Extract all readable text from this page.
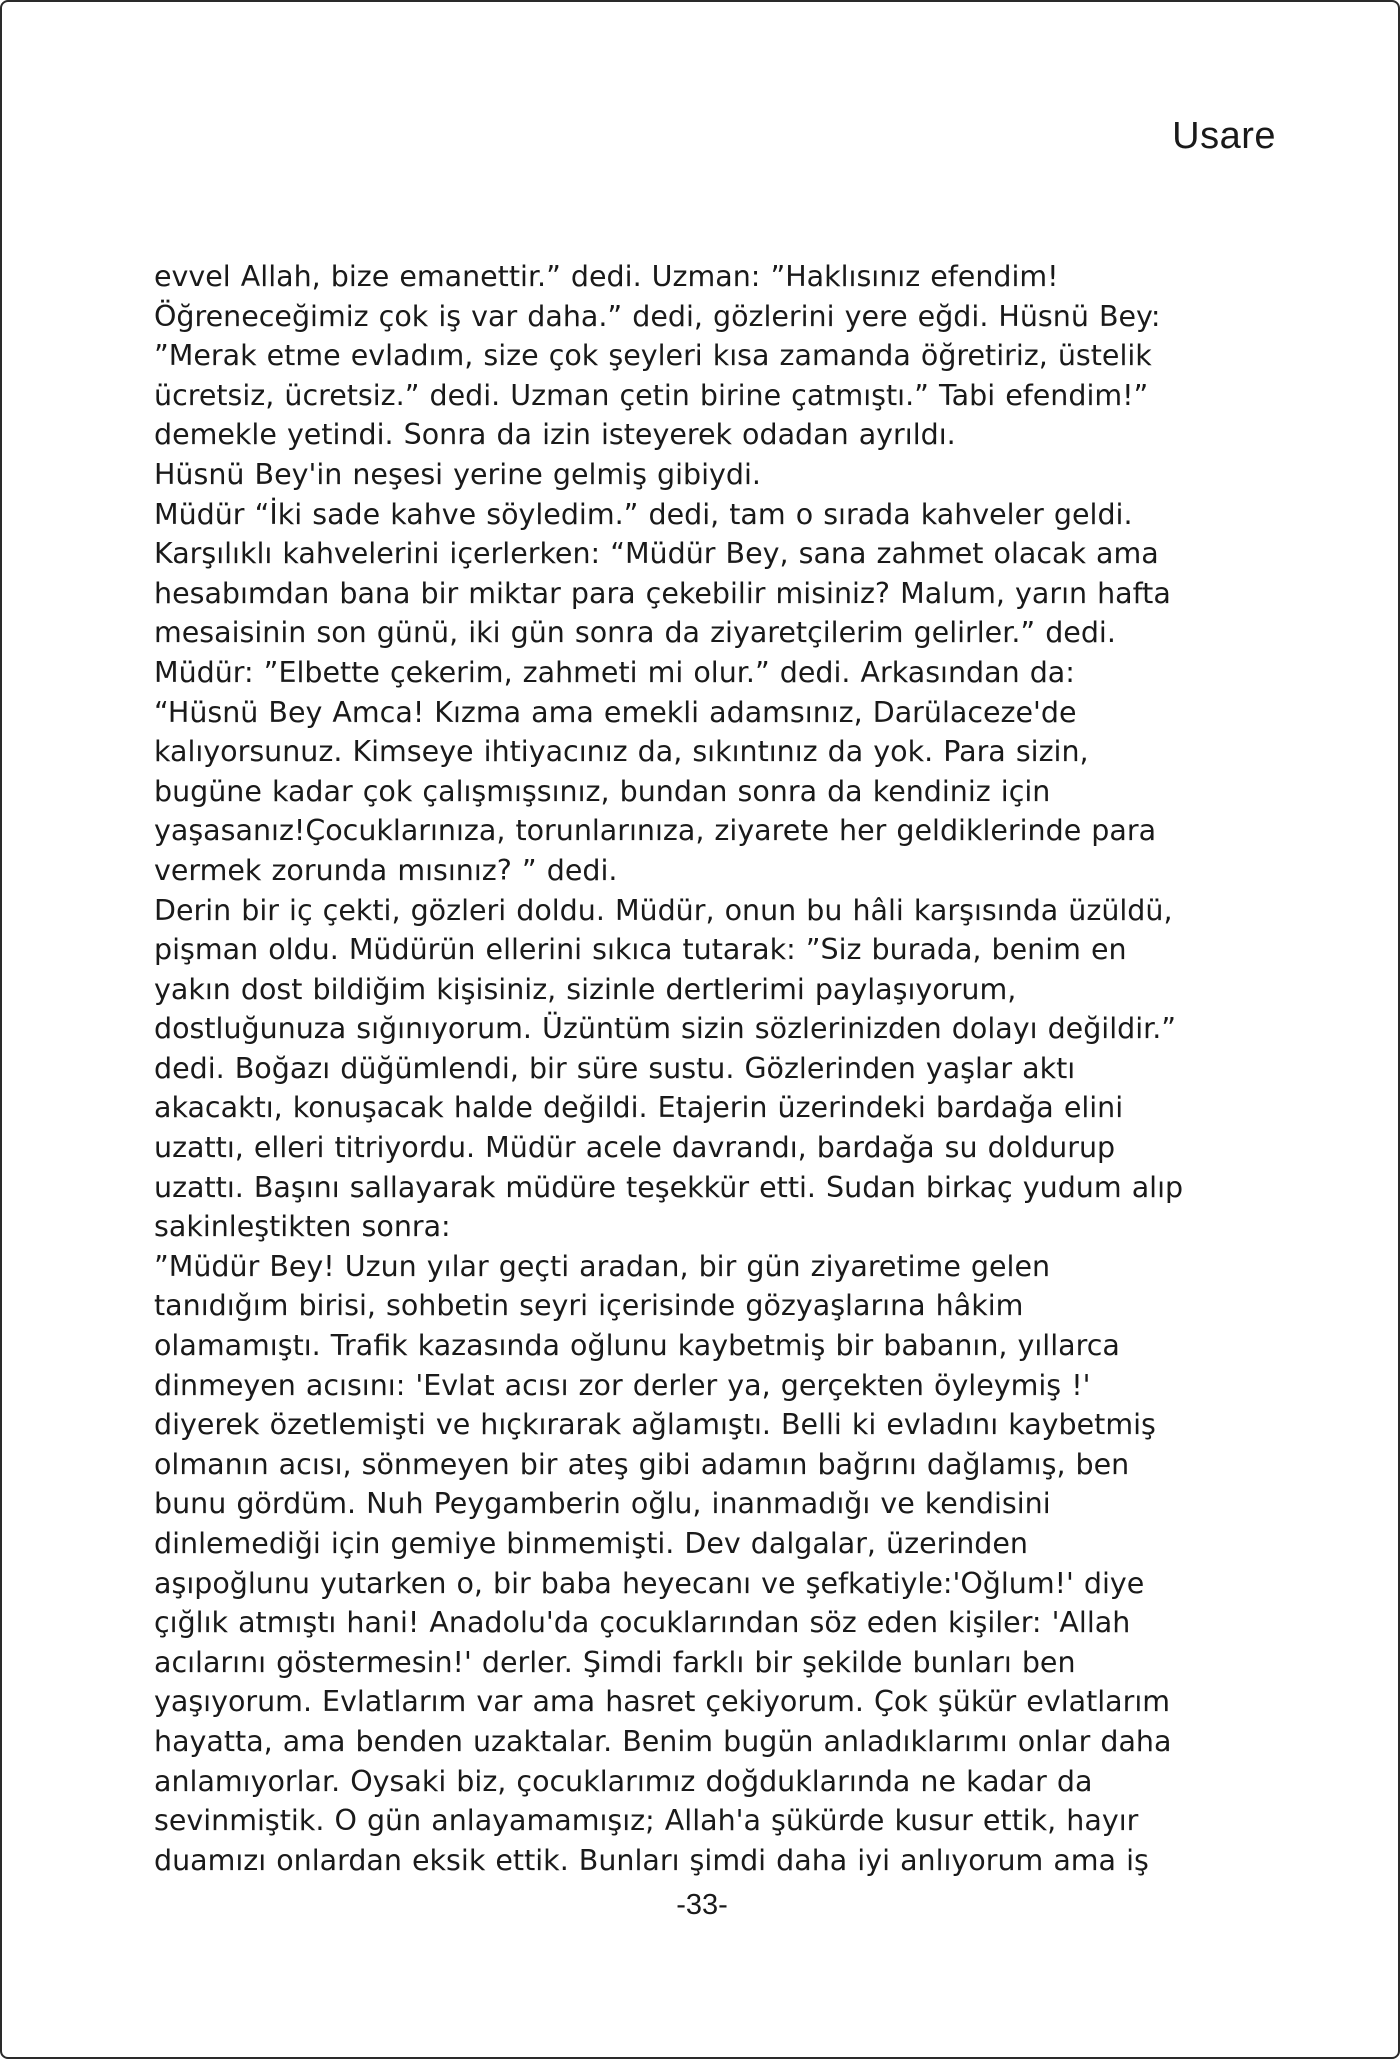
Usare
evvel Allah, bize emanettir.” dedi. Uzman: ”Haklısınız efendim!
Öğreneceğimiz çok iş var daha.” dedi, gözlerini yere eğdi. Hüsnü Bey:
”Merak etme evladım, size çok şeyleri kısa zamanda öğretiriz, üstelik
ücretsiz, ücretsiz.” dedi. Uzman çetin birine çatmıştı.” Tabi efendim!”
demekle yetindi. Sonra da izin isteyerek odadan ayrıldı.
Hüsnü Bey'in neşesi yerine gelmiş gibiydi.
Müdür “İki sade kahve söyledim.” dedi, tam o sırada kahveler geldi.
Karşılıklı kahvelerini içerlerken: “Müdür Bey, sana zahmet olacak ama
hesabımdan bana bir miktar para çekebilir misiniz? Malum, yarın hafta
mesaisinin son günü, iki gün sonra da ziyaretçilerim gelirler.” dedi.
Müdür: ”Elbette çekerim, zahmeti mi olur.” dedi. Arkasından da:
“Hüsnü Bey Amca! Kızma ama emekli adamsınız, Darülaceze'de
kalıyorsunuz. Kimseye ihtiyacınız da, sıkıntınız da yok. Para sizin,
bugüne kadar çok çalışmışsınız, bundan sonra da kendiniz için
yaşasanız!Çocuklarınıza, torunlarınıza, ziyarete her geldiklerinde para
vermek zorunda mısınız? ” dedi.
Derin bir iç çekti, gözleri doldu. Müdür, onun bu hâli karşısında üzüldü,
pişman oldu. Müdürün ellerini sıkıca tutarak: ”Siz burada, benim en
yakın dost bildiğim kişisiniz, sizinle dertlerimi paylaşıyorum,
dostluğunuza sığınıyorum. Üzüntüm sizin sözlerinizden dolayı değildir.”
dedi. Boğazı düğümlendi, bir süre sustu. Gözlerinden yaşlar aktı
akacaktı, konuşacak halde değildi. Etajerin üzerindeki bardağa elini
uzattı, elleri titriyordu. Müdür acele davrandı, bardağa su doldurup
uzattı. Başını sallayarak müdüre teşekkür etti. Sudan birkaç yudum alıp
sakinleştikten sonra:
”Müdür Bey! Uzun yılar geçti aradan, bir gün ziyaretime gelen
tanıdığım birisi, sohbetin seyri içerisinde gözyaşlarına hâkim
olamamıştı. Trafik kazasında oğlunu kaybetmiş bir babanın, yıllarca
dinmeyen acısını: 'Evlat acısı zor derler ya, gerçekten öyleymiş !'
diyerek özetlemişti ve hıçkırarak ağlamıştı. Belli ki evladını kaybetmiş
olmanın acısı, sönmeyen bir ateş gibi adamın bağrını dağlamış, ben
bunu gördüm. Nuh Peygamberin oğlu, inanmadığı ve kendisini
dinlemediği için gemiye binmemişti. Dev dalgalar, üzerinden
aşıpoğlunu yutarken o, bir baba heyecanı ve şefkatiyle:'Oğlum!' diye
çığlık atmıştı hani! Anadolu'da çocuklarından söz eden kişiler: 'Allah
acılarını göstermesin!' derler. Şimdi farklı bir şekilde bunları ben
yaşıyorum. Evlatlarım var ama hasret çekiyorum. Çok şükür evlatlarım
hayatta, ama benden uzaktalar. Benim bugün anladıklarımı onlar daha
anlamıyorlar. Oysaki biz, çocuklarımız doğduklarında ne kadar da
sevinmiştik. O gün anlayamamışız; Allah'a şükürde kusur ettik, hayır
duamızı onlardan eksik ettik. Bunları şimdi daha iyi anlıyorum ama iş
-33-
